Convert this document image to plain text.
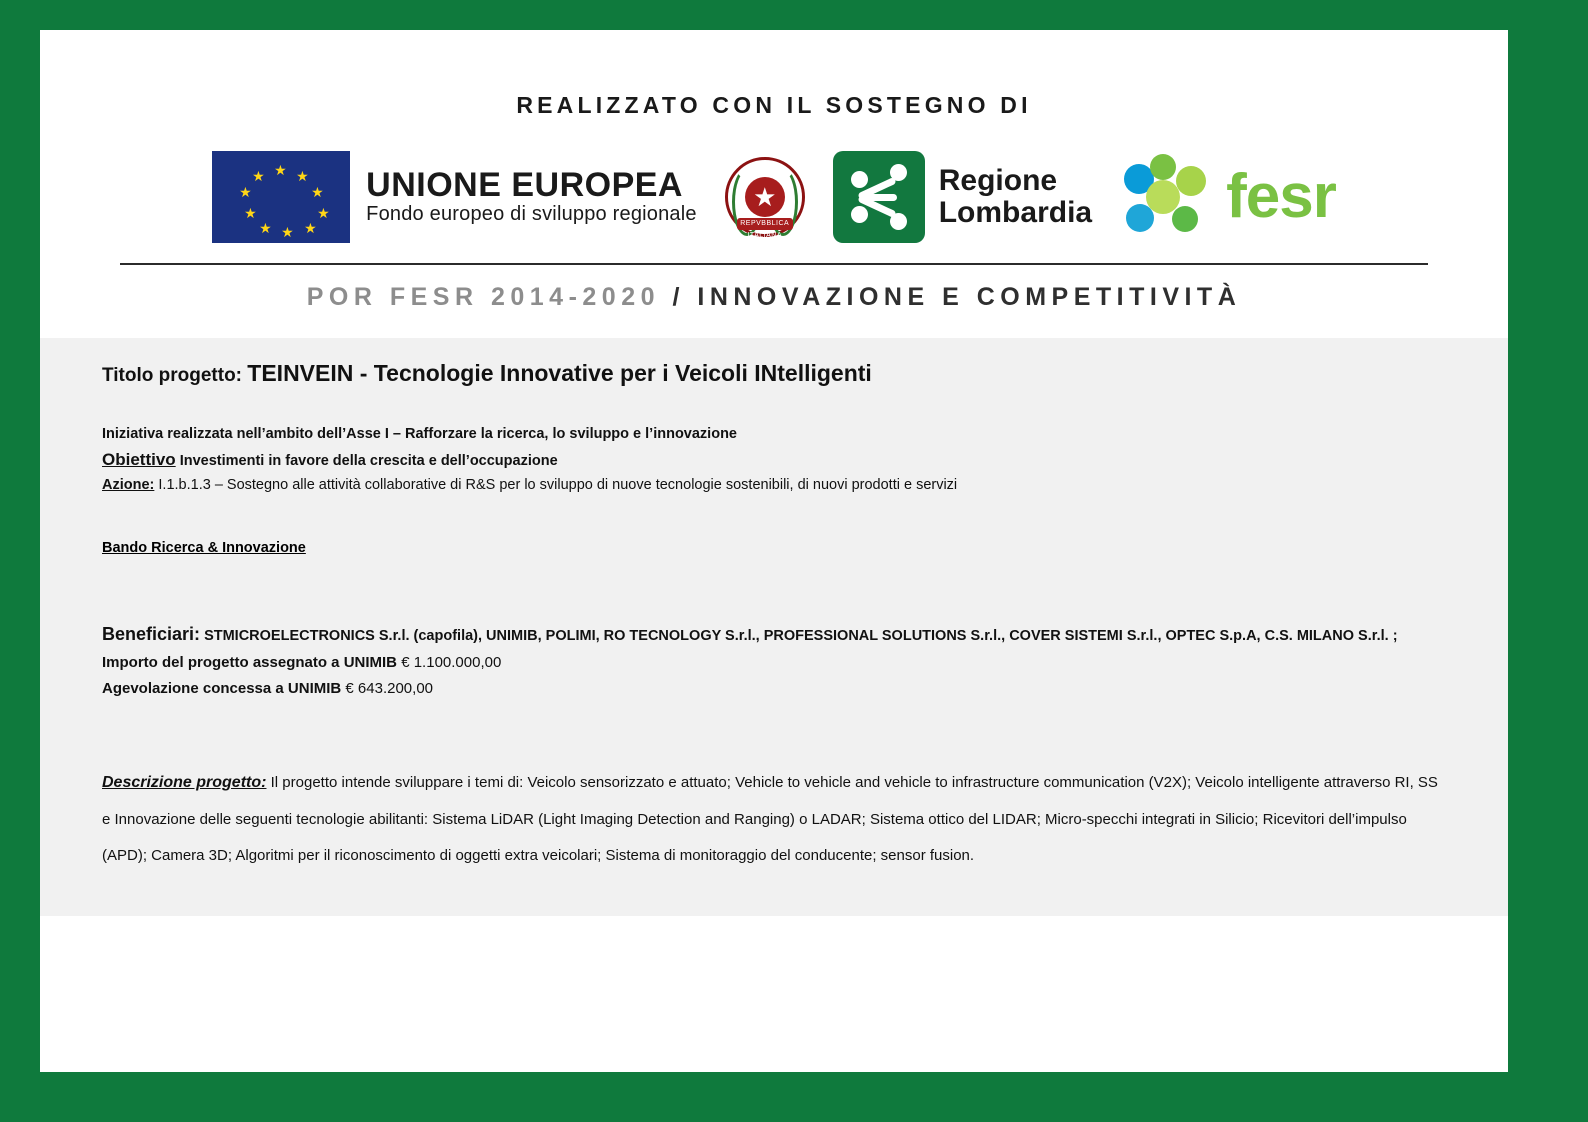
REALIZZATO CON IL SOSTEGNO DI
★ ★
★
★
★
★
★
★
★
★	UNIONE EUROPEA
Fondo europeo di sviluppo regionale
★
REPVBBLICA ITALIANA
Regione
Lombardia fesr
POR FESR 2014-2020 / INNOVAZIONE E COMPETITIVITÀ
Titolo progetto: TEINVEIN - Tecnologie Innovative per i Veicoli INtelligenti
Iniziativa realizzata nell’ambito dell’Asse I – Rafforzare la ricerca, lo sviluppo e l’innovazione
Obiettivo Investimenti in favore della crescita e dell’occupazione
Azione: I.1.b.1.3 – Sostegno alle attività collaborative di R&S per lo sviluppo di nuove tecnologie sostenibili, di nuovi prodotti e servizi
Bando Ricerca & Innovazione
Beneficiari: STMICROELECTRONICS S.r.l. (capofila), UNIMIB, POLIMI, RO TECNOLOGY S.r.l., PROFESSIONAL SOLUTIONS S.r.l., COVER SISTEMI S.r.l., OPTEC S.p.A, C.S. MILANO S.r.l. ;
Importo del progetto assegnato a UNIMIB € 1.100.000,00
Agevolazione concessa a UNIMIB € 643.200,00
Descrizione progetto: Il progetto intende sviluppare i temi di: Veicolo sensorizzato e attuato; Vehicle to vehicle and vehicle to infrastructure communication (V2X); Veicolo intelligente attraverso RI, SS e Innovazione delle seguenti tecnologie abilitanti: Sistema LiDAR (Light Imaging Detection and Ranging) o LADAR; Sistema ottico del LIDAR; Micro-specchi integrati in Silicio; Ricevitori dell’impulso (APD); Camera 3D; Algoritmi per il riconoscimento di oggetti extra veicolari; Sistema di monitoraggio del conducente; sensor fusion.
